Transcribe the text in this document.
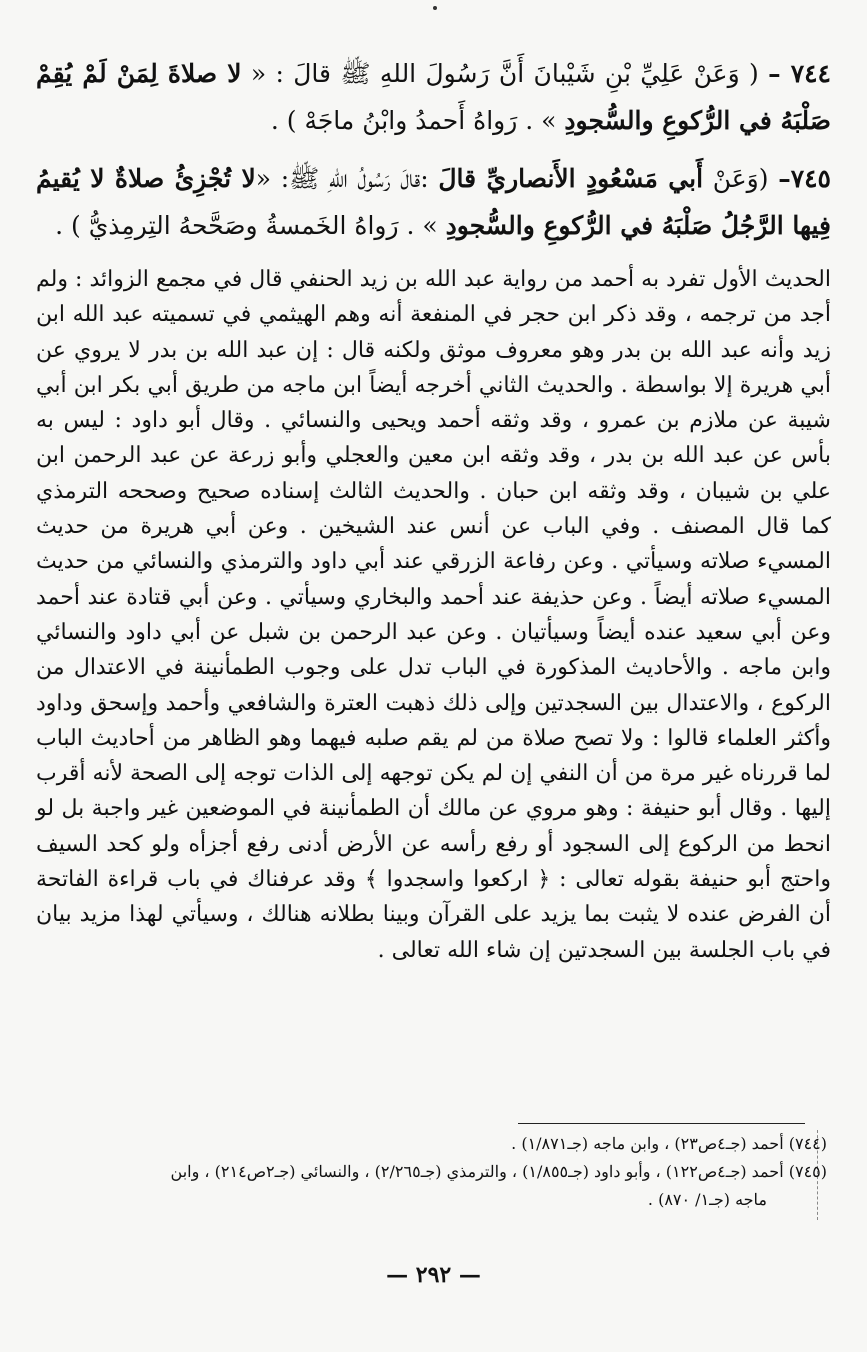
٧٤٤ – ( وَعَنْ عَلِيِّ بْنِ شَيْبانَ أَنَّ رَسُولَ اللهِ ﷺ قالَ : « لا صلاةَ لِمَنْ لَمْ يُقِمْ صَلْبَهُ في الرُّكوعِ والسُّجودِ » . رَواهُ أَحمدُ وابْنُ ماجَهْ ) .
٧٤٥– (وَعَنْ أَبي مَسْعُودٍ الأَنصاريِّ قالَ :قالَ رَسُولُ اللهِ ﷺ: «لا تُجْزِئُ صلاةٌ لا يُقيمُ فِيها الرَّجُلُ صَلْبَهُ في الرُّكوعِ والسُّجودِ » . رَواهُ الخَمسةُ وصَحَّحهُ التِرمِذيُّ ) .
الحديث الأول تفرد به أحمد من رواية عبد الله بن زيد الحنفي قال في مجمع الزوائد : ولم أجد من ترجمه ، وقد ذكر ابن حجر في المنفعة أنه وهم الهيثمي في تسميته عبد الله ابن زيد وأنه عبد الله بن بدر وهو معروف موثق ولكنه قال : إن عبد الله بن بدر لا يروي عن أبي هريرة إلا بواسطة . والحديث الثاني أخرجه أيضاً ابن ماجه من طريق أبي بكر ابن أبي شيبة عن ملازم بن عمرو ، وقد وثقه أحمد ويحيى والنسائي . وقال أبو داود : ليس به بأس عن عبد الله بن بدر ، وقد وثقه ابن معين والعجلي وأبو زرعة عن عبد الرحمن ابن علي بن شيبان ، وقد وثقه ابن حبان . والحديث الثالث إسناده صحيح وصححه الترمذي كما قال المصنف . وفي الباب عن أنس عند الشيخين . وعن أبي هريرة من حديث المسيء صلاته وسيأتي . وعن رفاعة الزرقي عند أبي داود والترمذي والنسائي من حديث المسيء صلاته أيضاً . وعن حذيفة عند أحمد والبخاري وسيأتي . وعن أبي قتادة عند أحمد وعن أبي سعيد عنده أيضاً وسيأتيان . وعن عبد الرحمن بن شبل عن أبي داود والنسائي وابن ماجه . والأحاديث المذكورة في الباب تدل على وجوب الطمأنينة في الاعتدال من الركوع ، والاعتدال بين السجدتين وإلى ذلك ذهبت العترة والشافعي وأحمد وإسحق وداود وأكثر العلماء قالوا : ولا تصح صلاة من لم يقم صلبه فيهما وهو الظاهر من أحاديث الباب لما قررناه غير مرة من أن النفي إن لم يكن توجهه إلى الذات توجه إلى الصحة لأنه أقرب إليها . وقال أبو حنيفة : وهو مروي عن مالك أن الطمأنينة في الموضعين غير واجبة بل لو انحط من الركوع إلى السجود أو رفع رأسه عن الأرض أدنى رفع أجزأه ولو كحد السيف واحتج أبو حنيفة بقوله تعالى : ﴿ اركعوا واسجدوا ﴾ وقد عرفناك في باب قراءة الفاتحة أن الفرض عنده لا يثبت بما يزيد على القرآن وبينا بطلانه هنالك ، وسيأتي لهذا مزيد بيان في باب الجلسة بين السجدتين إن شاء الله تعالى .
(٧٤٤) أحمد (جـ٤ص٢٣) ، وابن ماجه (جـ١/٨٧١) .
(٧٤٥) أحمد (جـ٤ص١٢٢) ، وأبو داود (جـ١/٨٥٥) ، والترمذي (جـ٢/٢٦٥) ، والنسائي (جـ٢ص٢١٤) ، وابن
ماجه (جـ١/ ٨٧٠) .
— ٢٩٢ —
